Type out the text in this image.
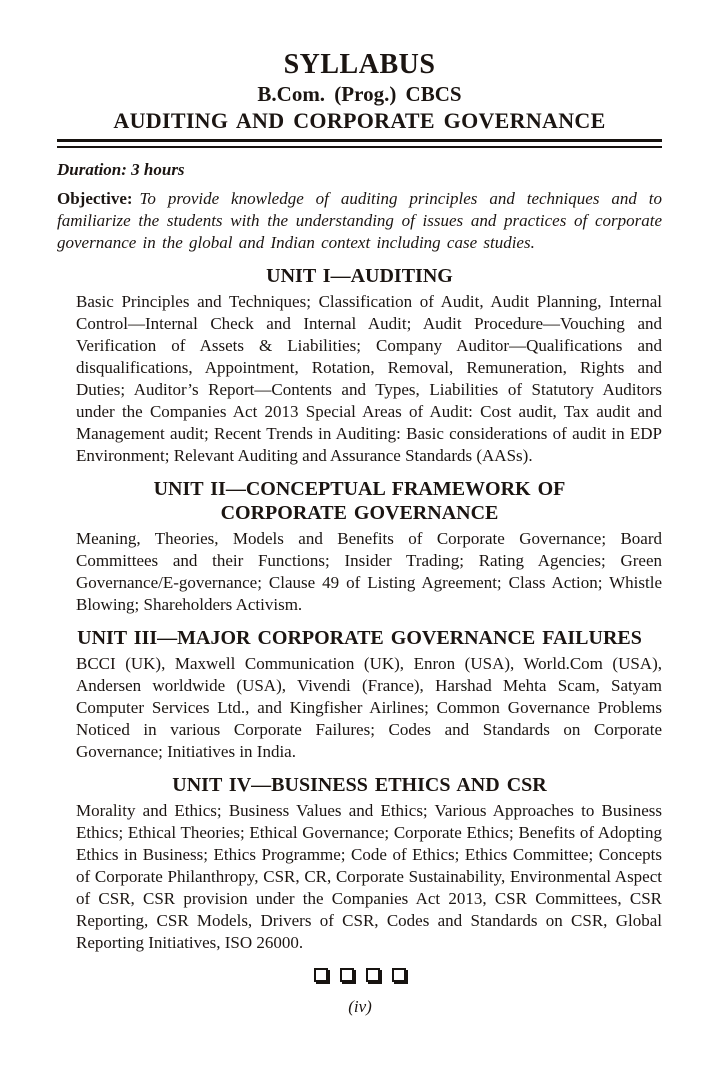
SYLLABUS
B.Com. (Prog.) CBCS
AUDITING AND CORPORATE GOVERNANCE
Duration: 3 hours

Objective: To provide knowledge of auditing principles and techniques and to familiarize the students with the understanding of issues and practices of corporate governance in the global and Indian context including case studies.

UNIT I—AUDITING

Basic Principles and Techniques; Classification of Audit, Audit Planning, Internal Control—Internal Check and Internal Audit; Audit Procedure—Vouching and Verification of Assets & Liabilities; Company Auditor—Qualifications and disqualifications, Appointment, Rotation, Removal, Remuneration, Rights and Duties; Auditor’s Report—Contents and Types, Liabilities of Statutory Auditors under the Companies Act 2013 Special Areas of Audit: Cost audit, Tax audit and Management audit; Recent Trends in Auditing: Basic considerations of audit in EDP Environment; Relevant Auditing and Assurance Standards (AASs).

UNIT II—CONCEPTUAL FRAMEWORK OF CORPORATE GOVERNANCE

Meaning, Theories, Models and Benefits of Corporate Governance; Board Committees and their Functions; Insider Trading; Rating Agencies; Green Governance/E-governance; Clause 49 of Listing Agreement; Class Action; Whistle Blowing; Shareholders Activism.

UNIT III—MAJOR CORPORATE GOVERNANCE FAILURES

BCCI (UK), Maxwell Communication (UK), Enron (USA), World.Com (USA), Andersen worldwide (USA), Vivendi (France), Harshad Mehta Scam, Satyam Computer Services Ltd., and Kingfisher Airlines; Common Governance Problems Noticed in various Corporate Failures; Codes and Standards on Corporate Governance; Initiatives in India.

UNIT IV—BUSINESS ETHICS AND CSR

Morality and Ethics; Business Values and Ethics; Various Approaches to Business Ethics; Ethical Theories; Ethical Governance; Corporate Ethics; Benefits of Adopting Ethics in Business; Ethics Programme; Code of Ethics; Ethics Committee; Concepts of Corporate Philanthropy, CSR, CR, Corporate Sustainability, Environmental Aspect of CSR, CSR provision under the Companies Act 2013, CSR Committees, CSR Reporting, CSR Models, Drivers of CSR, Codes and Standards on CSR, Global Reporting Initiatives, ISO 26000.

(iv)
